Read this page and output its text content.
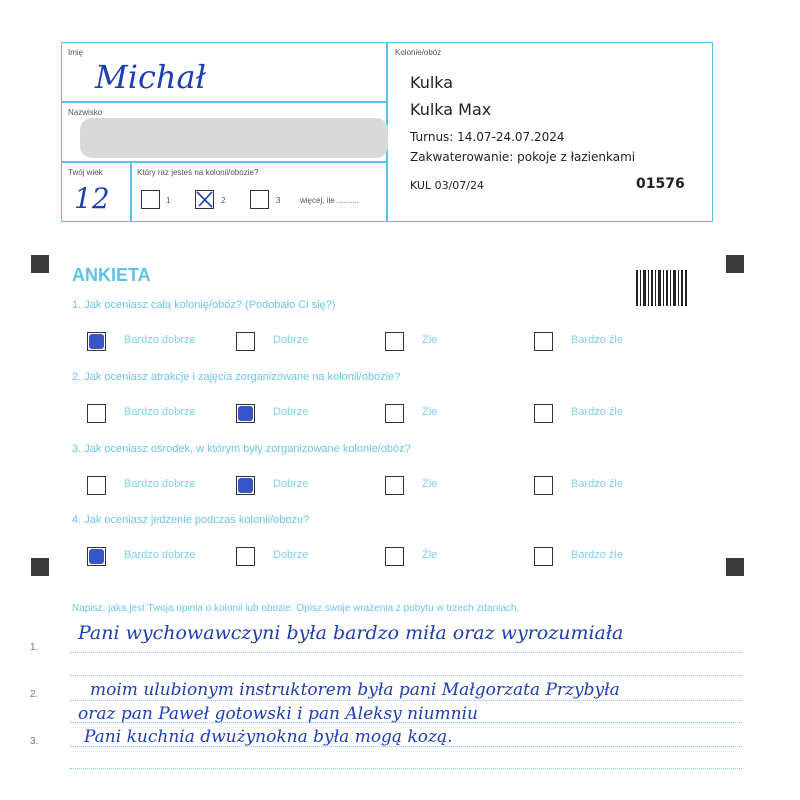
Imię
Michał
Nazwisko
Twój wiek
12
Który raz jesteś na kolonii/obozie?
1	2	3 więcej, ile ..........
Kolonie/obóz
Kulka
Kulka Max
Turnus: 14.07-24.07.2024
Zakwaterowanie: pokoje z łazienkami
KUL 03/07/24	01576
ANKIETA
1. Jak oceniasz całą kolonię/obóz? (Podobało Ci się?)
Bardzo dobrze	Dobrze	Źle	Bardzo źle
2. Jak oceniasz atrakcje i zajęcia zorganizowane na kolonii/obozie?
Bardzo dobrze	Dobrze	Źle	Bardzo źle
3. Jak oceniasz ośrodek, w którym były zorganizowane kolonie/obóz?
Bardzo dobrze	Dobrze	Źle	Bardzo źle
4. Jak oceniasz jedzenie podczas kolonii/obozu?
Bardzo dobrze	Dobrze	Źle	Bardzo źle
Napisz, jaka jest Twoja opinia o kolonii lub obozie. Opisz swoje wrażenia z pobytu w trzech zdaniach.
1.
2.
3.
Pani wychowawczyni była bardzo miła oraz wyrozumiała
moim ulubionym instruktorem była pani Małgorzata Przybyła
oraz pan Paweł gotowski i pan Aleksy niumniu
Pani kuchnia dwużynokna była mogą kozą.
